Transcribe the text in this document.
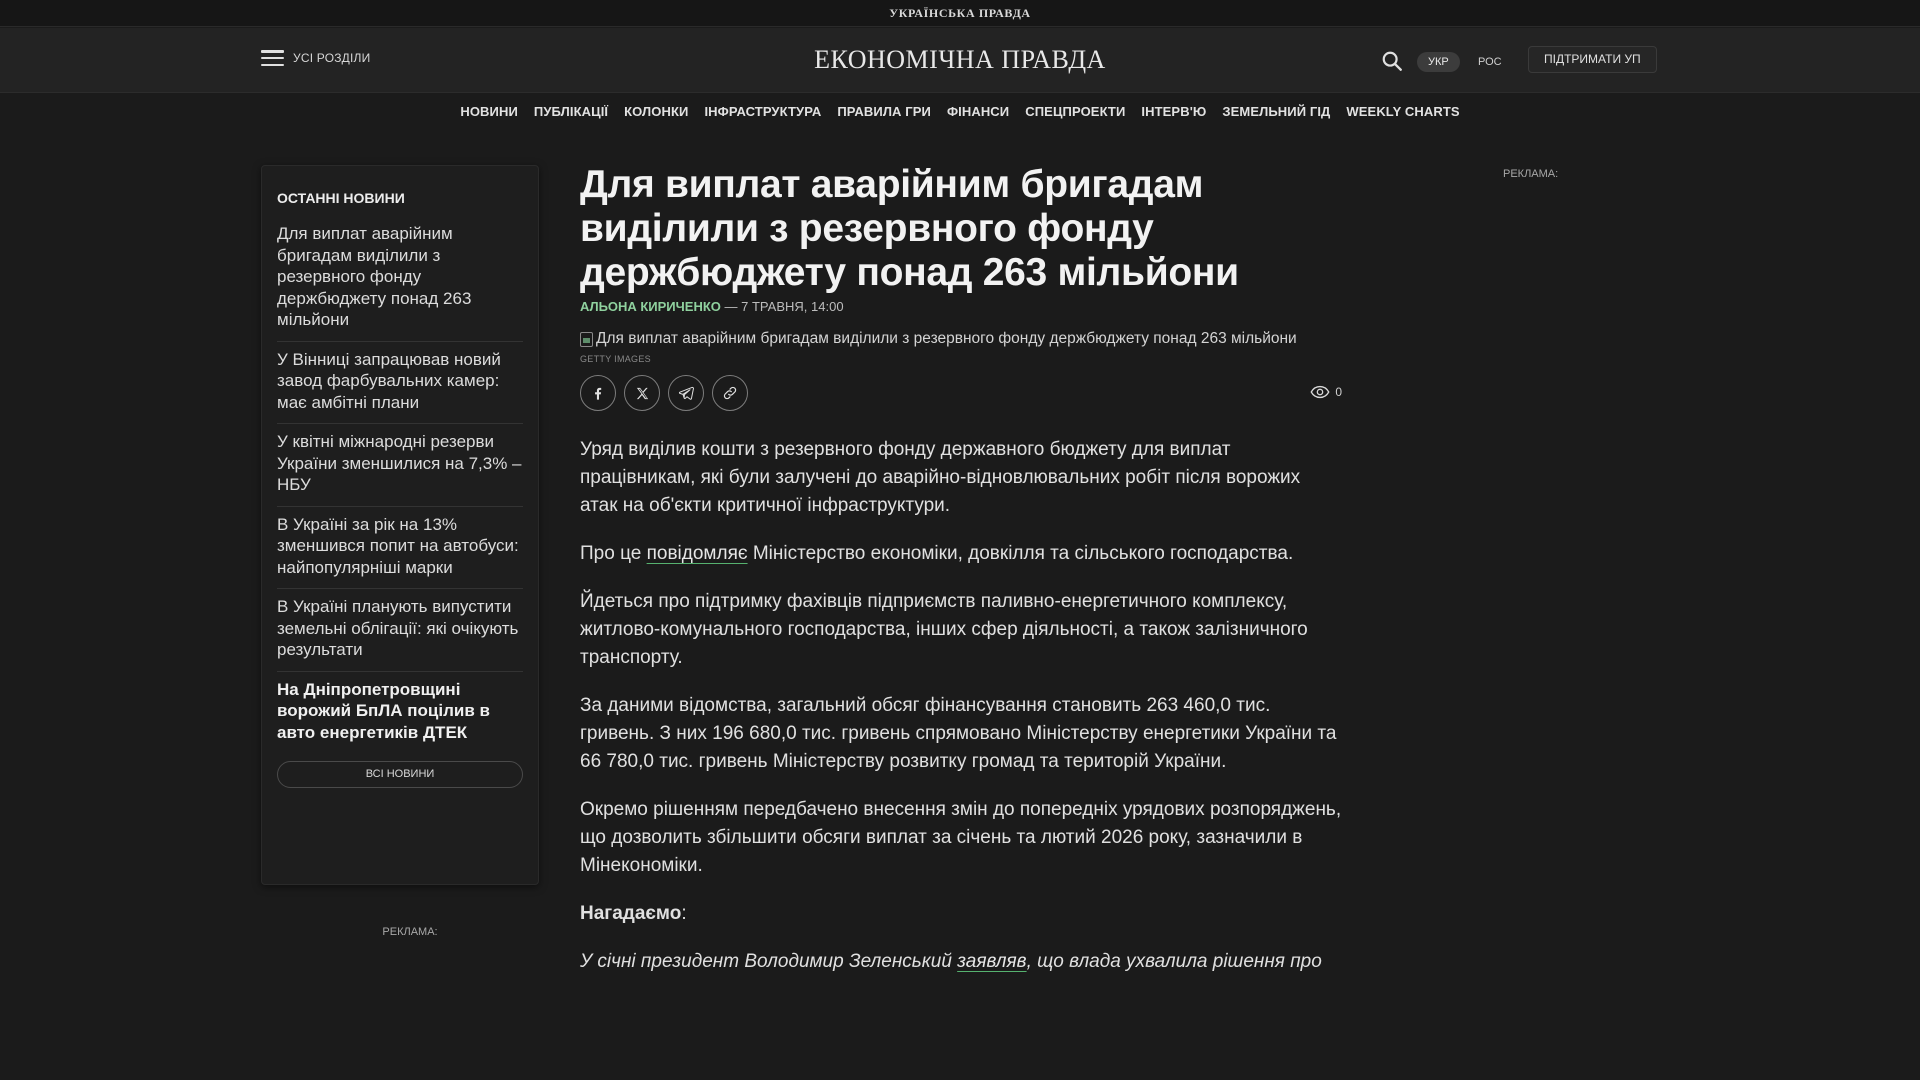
УКРАЇНСЬКА ПРАВДА
УСІ РОЗДІЛИ	ЕКОНОМІЧНА ПРАВДА	УКР	РОС	ПІДТРИМАТИ УП
НОВИНИ ПУБЛІКАЦІЇ КОЛОНКИ ІНФРАСТРУКТУРА ПРАВИЛА ГРИ ФІНАНСИ СПЕЦПРОЕКТИ ІНТЕРВ'Ю ЗЕМЕЛЬНИЙ ГІД WEEKLY CHARTS
ОСТАННІ НОВИНИ
Для виплат аварійним бригадам виділили з резервного фонду держбюджету понад 263 мільйони
У Вінниці запрацював новий завод фарбувальних камер: має амбітні плани
У квітні міжнародні резерви України зменшилися на 7,3% – НБУ
В Україні за рік на 13% зменшився попит на автобуси: найпопулярніші марки
В Україні планують випустити земельні облігації: які очікують результати
На Дніпропетровщині ворожий БпЛА поцілив в авто енергетиків ДТЕК
ВСІ НОВИНИ
РЕКЛАМА:
Для виплат аварійним бригадам виділили з резервного фонду держбюджету понад 263 мільйони
АЛЬОНА КИРИЧЕНКО — 7 ТРАВНЯ, 14:00
Для виплат аварійним бригадам виділили з резервного фонду держбюджету понад 263 мільйони
GETTY IMAGES
0

Уряд виділив кошти з резервного фонду державного бюджету для виплат працівникам, які були залучені до аварійно-відновлювальних робіт після ворожих атак на об'єкти критичної інфраструктури.

Про це повідомляє Міністерство економіки, довкілля та сільського господарства.

Йдеться про підтримку фахівців підприємств паливно-енергетичного комплексу, житлово-комунального господарства, інших сфер діяльності, а також залізничного транспорту.

За даними відомства, загальний обсяг фінансування становить 263 460,0 тис. гривень. З них 196 680,0 тис. гривень спрямовано Міністерству енергетики України та 66 780,0 тис. гривень Міністерству розвитку громад та територій України.

Окремо рішенням передбачено внесення змін до попередніх урядових розпоряджень, що дозволить збільшити обсяги виплат за січень та лютий 2026 року, зазначили в Мінекономіки.

Нагадаємо:

У січні президент Володимир Зеленський заявляв, що влада ухвалила рішення про

РЕКЛАМА:
